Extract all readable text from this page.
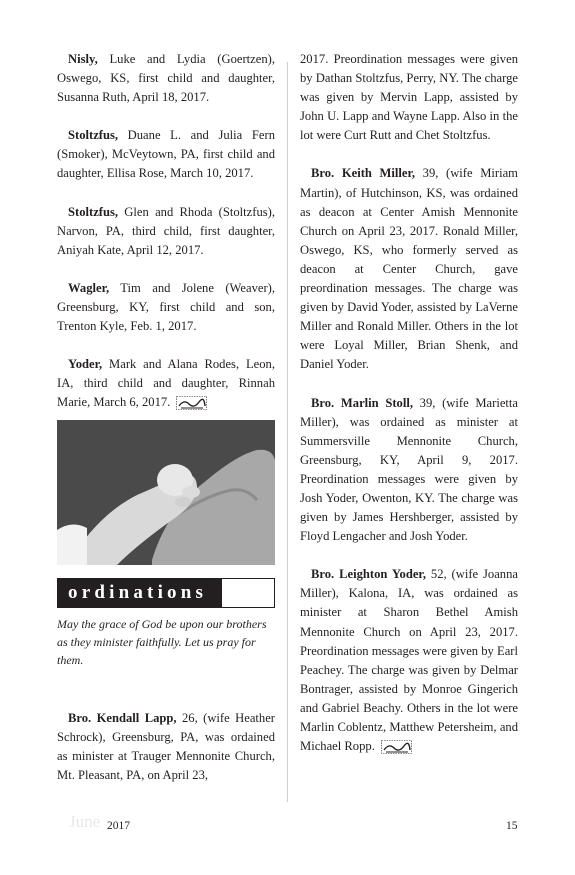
Nisly, Luke and Lydia (Goertzen), Oswego, KS, first child and daughter, Susanna Ruth, April 18, 2017.

Stoltzfus, Duane L. and Julia Fern (Smoker), McVeytown, PA, first child and daughter, Ellisa Rose, March 10, 2017.

Stoltzfus, Glen and Rhoda (Stoltzfus), Narvon, PA, third child, first daughter, Aniyah Kate, April 12, 2017.

Wagler, Tim and Jolene (Weaver), Greensburg, KY, first child and son, Trenton Kyle, Feb. 1, 2017.

Yoder, Mark and Alana Rodes, Leon, IA, third child and daughter, Rinnah Marie, March 6, 2017.

ordinations

May the grace of God be upon our brothers as they minister faithfully. Let us pray for them.

Bro. Kendall Lapp, 26, (wife Heather Schrock), Greensburg, PA, was ordained as minister at Trauger Mennonite Church, Mt. Pleasant, PA, on April 23,

2017. Preordination messages were given by Dathan Stoltzfus, Perry, NY. The charge was given by Mervin Lapp, assisted by John U. Lapp and Wayne Lapp. Also in the lot were Curt Rutt and Chet Stoltzfus.

Bro. Keith Miller, 39, (wife Miriam Martin), of Hutchinson, KS, was ordained as deacon at Center Amish Mennonite Church on April 23, 2017. Ronald Miller, Oswego, KS, who formerly served as deacon at Center Church, gave preordination messages. The charge was given by David Yoder, assisted by LaVerne Miller and Ronald Miller. Others in the lot were Loyal Miller, Brian Shenk, and Daniel Yoder.

Bro. Marlin Stoll, 39, (wife Marietta Miller), was ordained as minister at Summersville Mennonite Church, Greensburg, KY, April 9, 2017. Preordination messages were given by Josh Yoder, Owenton, KY. The charge was given by James Hershberger, assisted by Floyd Lengacher and Josh Yoder.

Bro. Leighton Yoder, 52, (wife Joanna Miller), Kalona, IA, was ordained as minister at Sharon Bethel Amish Mennonite Church on April 23, 2017. Preordination messages were given by Earl Peachey. The charge was given by Delmar Bontrager, assisted by Monroe Gingerich and Gabriel Beachy. Others in the lot were Marlin Coblentz, Matthew Petersheim, and Michael Ropp.

June 2017	15
